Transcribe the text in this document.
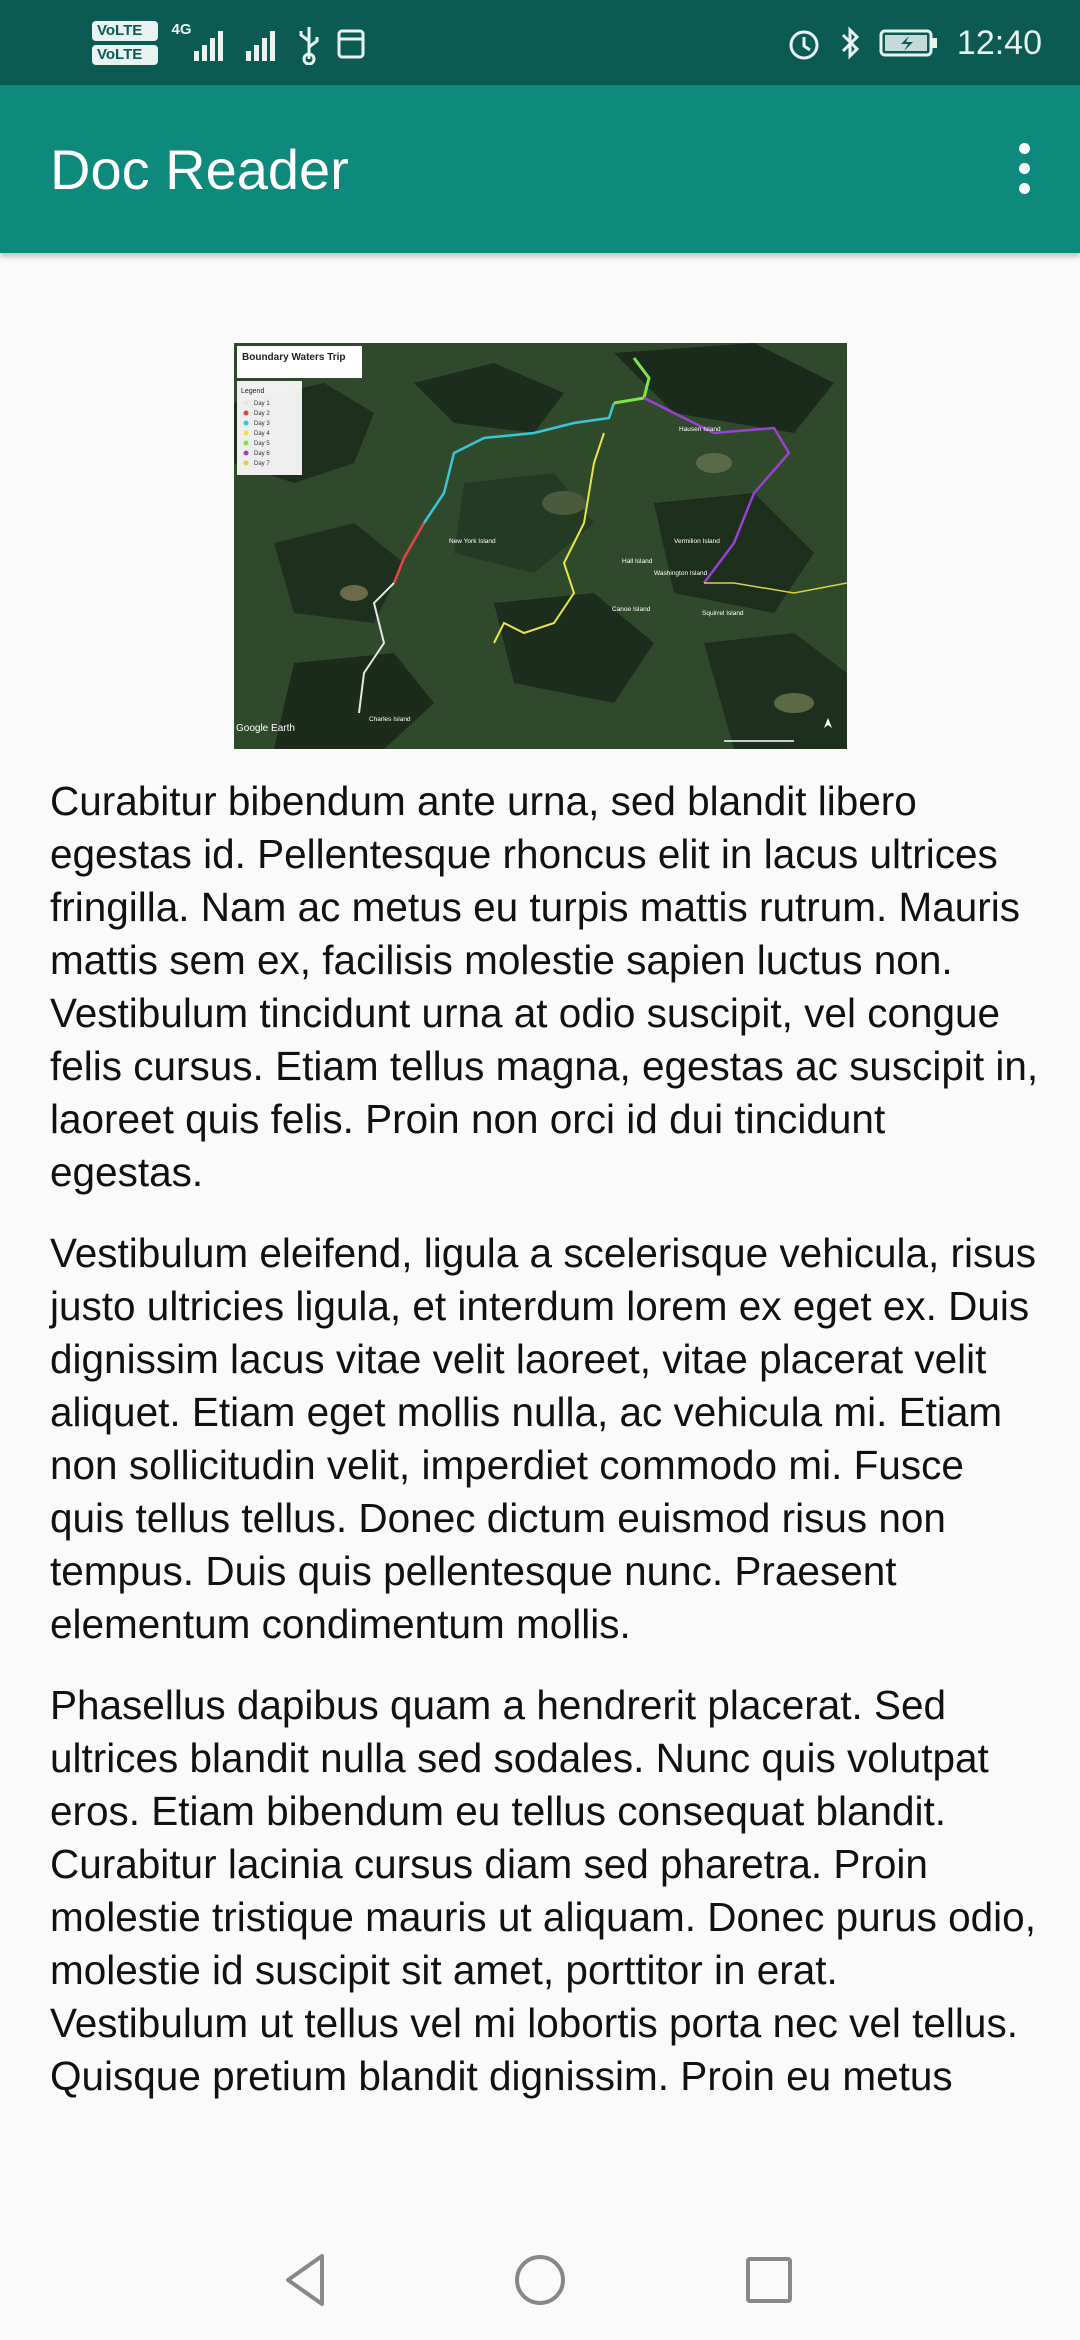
VoLTE 1
VoLTE 2
4G	12:40
Doc Reader
Boundary Waters Trip
Legend
Day 1
Day 2
Day 3
Day 4
Day 5
Day 6
Day 7
Hausen Island
New York Island
Hall Island
Washington Island
Canoe Island
Squirrel Island
Charles Island
Vermilion Island
Google Earth

Curabitur bibendum ante urna, sed blandit libero egestas id. Pellentesque rhoncus elit in lacus ultrices fringilla. Nam ac metus eu turpis mattis rutrum. Mauris mattis sem ex, facilisis molestie sapien luctus non. Vestibulum tincidunt urna at odio suscipit, vel congue felis cursus. Etiam tellus magna, egestas ac suscipit in, laoreet quis felis. Proin non orci id dui tincidunt egestas.

Vestibulum eleifend, ligula a scelerisque vehicula, risus justo ultricies ligula, et interdum lorem ex eget ex. Duis dignissim lacus vitae velit laoreet, vitae placerat velit aliquet. Etiam eget mollis nulla, ac vehicula mi. Etiam non sollicitudin velit, imperdiet commodo mi. Fusce quis tellus tellus. Donec dictum euismod risus non tempus. Duis quis pellentesque nunc. Praesent elementum condimentum mollis.

Phasellus dapibus quam a hendrerit placerat. Sed ultrices blandit nulla sed sodales. Nunc quis volutpat eros. Etiam bibendum eu tellus consequat blandit. Curabitur lacinia cursus diam sed pharetra. Proin molestie tristique mauris ut aliquam. Donec purus odio, molestie id suscipit sit amet, porttitor in erat. Vestibulum ut tellus vel mi lobortis porta nec vel tellus. Quisque pretium blandit dignissim. Proin eu metus
